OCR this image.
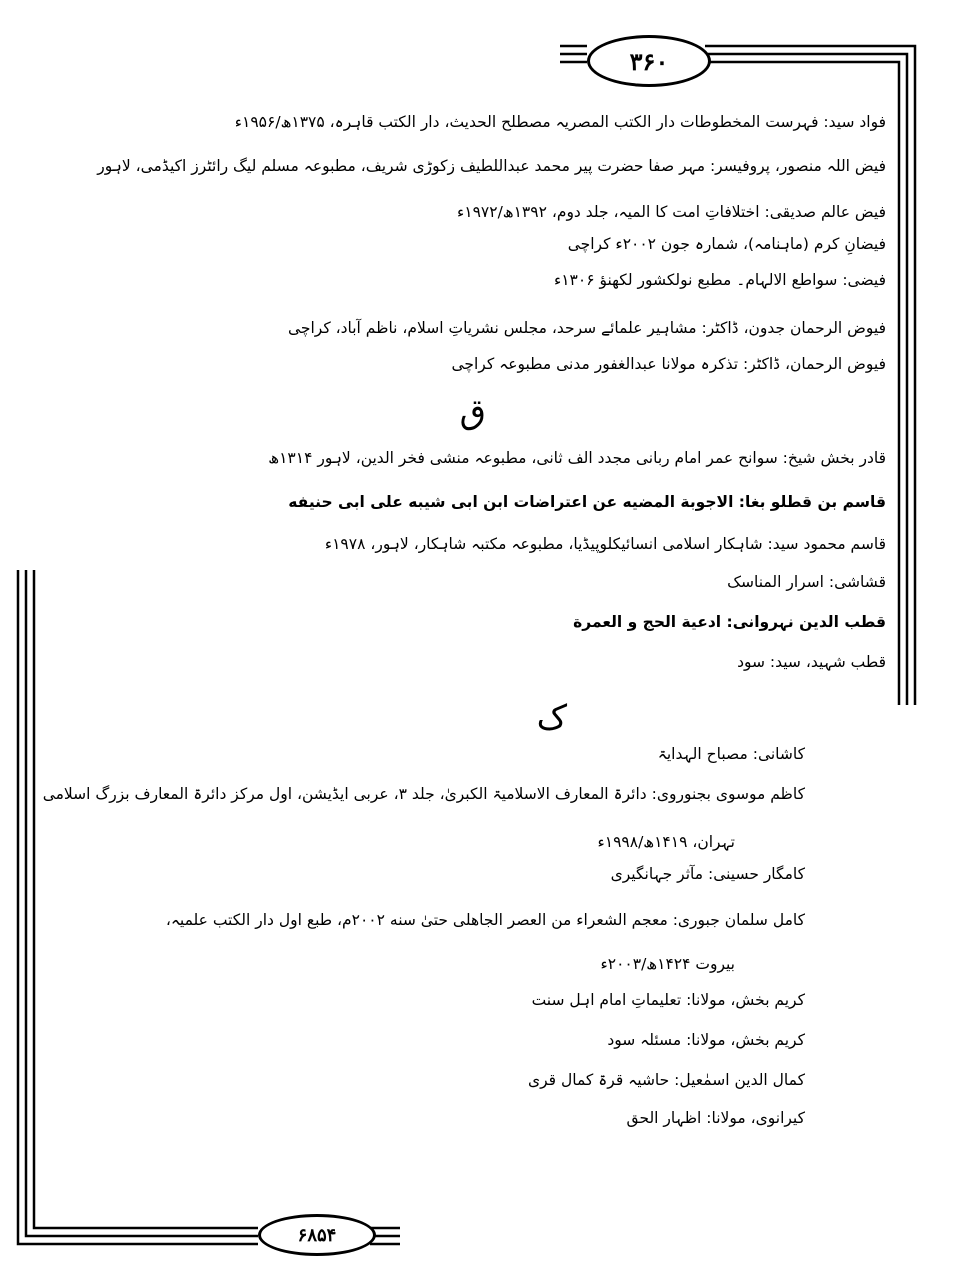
۳۶۰
۶۸۵۴
فواد سید: فہرست المخطوطات دار الکتب المصریہ مصطلح الحدیث، دار الکتب قاہرہ، ۱۳۷۵ھ/۱۹۵۶ء
فیض اللہ منصور، پروفیسر: مہر صفا حضرت پیر محمد عبداللطیف زکوڑی شریف، مطبوعہ مسلم لیگ رائٹرز اکیڈمی، لاہور
فیض عالم صدیقی: اختلافاتِ امت کا المیہ، جلد دوم، ۱۳۹۲ھ/۱۹۷۲ء
فیضانِ کرم (ماہنامہ)، شمارہ جون ۲۰۰۲ء کراچی
فیضی: سواطع الالہام۔ مطبع نولکشور لکھنؤ ۱۳۰۶ء
فیوض الرحمان جدون، ڈاکٹر: مشاہیر علمائے سرحد، مجلس نشریاتِ اسلام، ناظم آباد، کراچی
فیوض الرحمان، ڈاکٹر: تذکرہ مولانا عبدالغفور مدنی مطبوعہ کراچی
ق
قادر بخش شیخ: سوانح عمر امام ربانی مجدد الف ثانی، مطبوعہ منشی فخر الدین، لاہور ۱۳۱۴ھ
قاسم بن قطلو بغا: الاجوبة المضيه عن اعتراضات ابن ابی شیبه علی ابی حنیفه
قاسم محمود سید: شاہکار اسلامی انسائیکلوپیڈیا، مطبوعہ مکتبہ شاہکار، لاہور، ۱۹۷۸ء
قشاشی: اسرار المناسک
قطب الدین نہروانی: ادعية الحج و العمرة
قطب شہید، سید: سود
ک
کاشانی: مصباح الہدایۃ
کاظم موسوی بجنوروی: دائرۃ المعارف الاسلامیۃ الکبریٰ، جلد ۳، عربی ایڈیشن، اول مرکز دائرۃ المعارف بزرگ اسلامی
تہران، ۱۴۱۹ھ/۱۹۹۸ء
کامگار حسینی: مآثر جہانگیری
کامل سلمان جبوری: معجم الشعراء من العصر الجاهلی حتیٰ سنه ۲۰۰۲م، طبع اول دار الکتب علمیہ،
بیروت ۱۴۲۴ھ/۲۰۰۳ء
کریم بخش، مولانا: تعلیماتِ امام اہل سنت
کریم بخش، مولانا: مسئلہ سود
کمال الدین اسمٰعیل: حاشیہ قرۃ کمال قری
کیرانوی، مولانا: اظہار الحق
